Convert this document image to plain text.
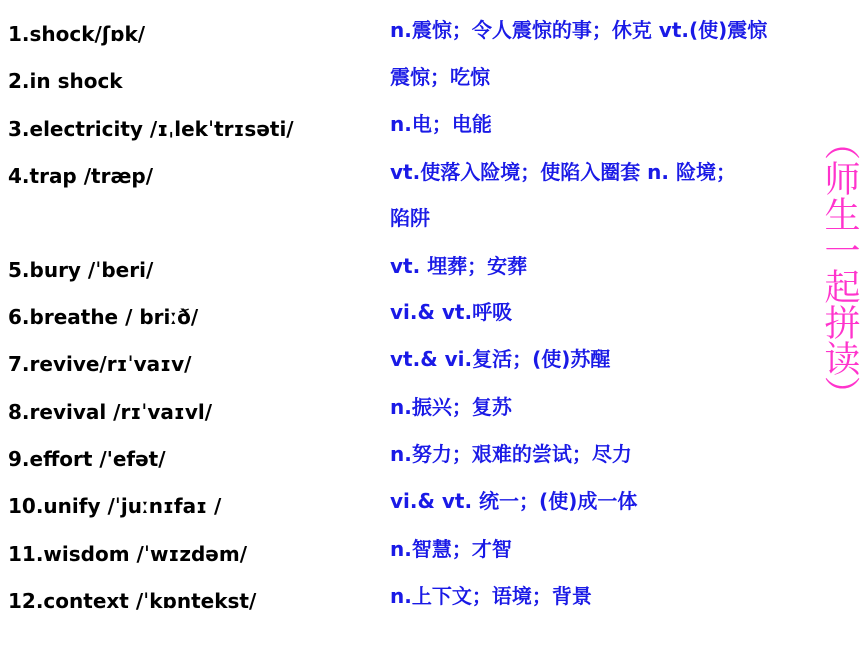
1.shock/ʃɒk/
2.in shock
3.electricity /ɪˌlekˈtrɪsəti/
4.trap /træp/
5.bury /ˈberi/
6.breathe / briːð/
7.revive/rɪˈvaɪv/
8.revival /rɪˈvaɪvl/
9.effort /'efət/
10.unify /ˈjuːnɪfaɪ /
11.wisdom /ˈwɪzdəm/
12.context /ˈkɒntekst/
n.震惊；令人震惊的事；休克 vt.(使)震惊
震惊；吃惊
n.电；电能
vt.使落入险境；使陷入圈套 n. 险境；
陷阱
vt. 埋葬；安葬
vi.& vt.呼吸
vt.& vi.复活；(使)苏醒
n.振兴；复苏
n.努力；艰难的尝试；尽力
vi.& vt. 统一；(使)成一体
n.智慧；才智
n.上下文；语境；背景
（师生一起拼读）
